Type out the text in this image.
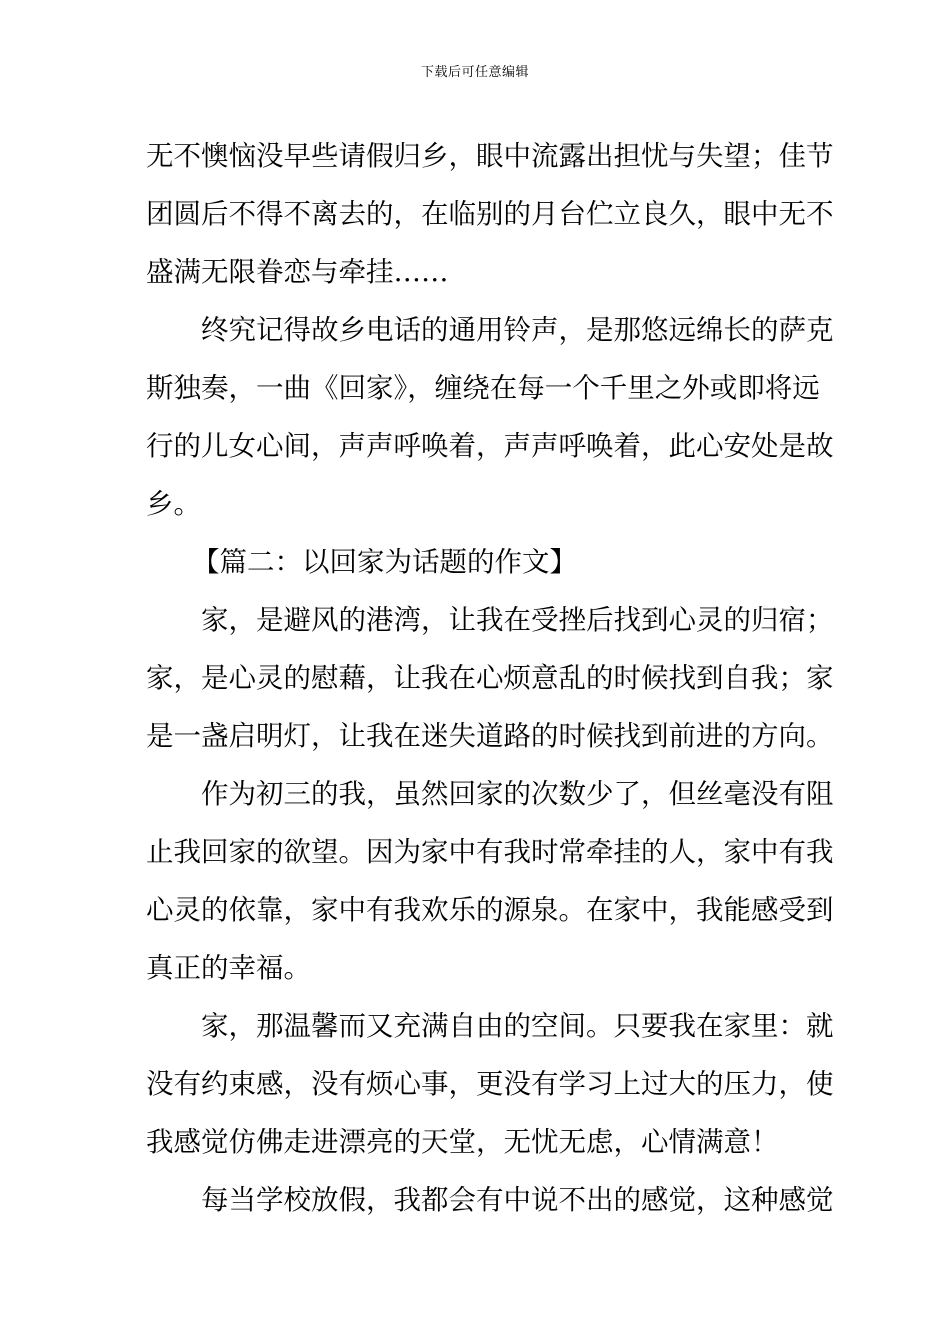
下载后可任意编辑
无不懊恼没早些请假归乡，眼中流露出担忧与失望；佳节
团圆后不得不离去的，在临别的月台伫立良久，眼中无不
盛满无限眷恋与牵挂……
终究记得故乡电话的通用铃声，是那悠远绵长的萨克
斯独奏，一曲《回家》，缠绕在每一个千里之外或即将远
行的儿女心间，声声呼唤着，声声呼唤着，此心安处是故
乡。
【篇二：以回家为话题的作文】
家，是避风的港湾，让我在受挫后找到心灵的归宿；
家，是心灵的慰藉，让我在心烦意乱的时候找到自我；家
是一盏启明灯，让我在迷失道路的时候找到前进的方向。
作为初三的我，虽然回家的次数少了，但丝毫没有阻
止我回家的欲望。因为家中有我时常牵挂的人，家中有我
心灵的依靠，家中有我欢乐的源泉。在家中，我能感受到
真正的幸福。
家，那温馨而又充满自由的空间。只要我在家里：就
没有约束感，没有烦心事，更没有学习上过大的压力，使
我感觉仿佛走进漂亮的天堂，无忧无虑，心情满意！
每当学校放假，我都会有中说不出的感觉，这种感觉
